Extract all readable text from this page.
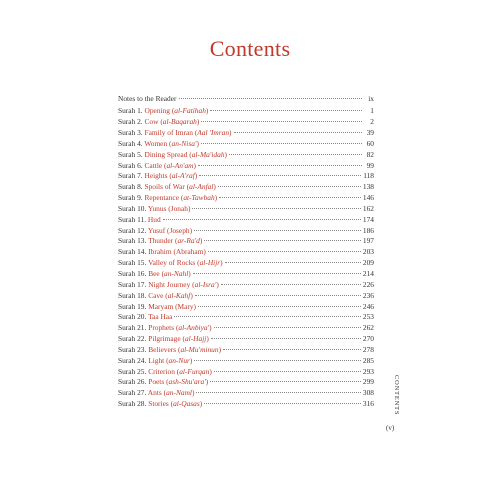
Contents
Notes to the Reader	ix
Surah 1. Opening (al-Fatihah)	1
Surah 2. Cow (al-Baqarah)	2
Surah 3. Family of Imran (Aal 'Imran)	39
Surah 4. Women (an-Nisa')	60
Surah 5. Dining Spread (al-Ma'idah)	82
Surah 6. Cattle (al-An'am)	99
Surah 7. Heights (al-A'raf)	118
Surah 8. Spoils of War (al-Anfal)	138
Surah 9. Repentance (at-Tawbah)	146
Surah 10. Yunus (Jonah)	162
Surah 11. Hud	174
Surah 12. Yusuf (Joseph)	186
Surah 13. Thunder (ar-Ra'd)	197
Surah 14. Ibrahim (Abraham)	203
Surah 15. Valley of Rocks (al-Hijr)	209
Surah 16. Bee (an-Nahl)	214
Surah 17. Night Journey (al-Isra')	226
Surah 18. Cave (al-Kahf)	236
Surah 19. Maryam (Mary)	246
Surah 20. Taa Haa	253
Surah 21. Prophets (al-Anbiya')	262
Surah 22. Pilgrimage (al-Hajj)	270
Surah 23. Believers (al-Mu'minun)	278
Surah 24. Light (an-Nur)	285
Surah 25. Criterion (al-Furqan)	293
Surah 26. Poets (ash-Shu'ara')	299
Surah 27. Ants (an-Naml)	308
Surah 28. Stories (al-Qasas)	316	CONTENTS
(v)
